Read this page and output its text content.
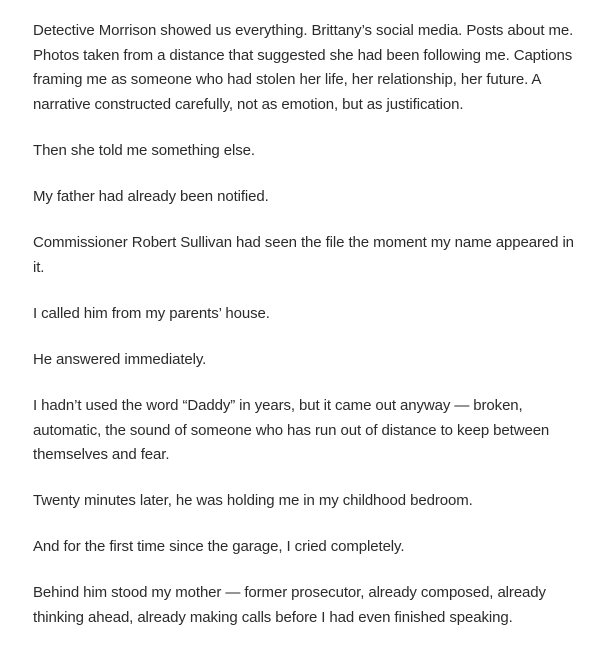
Detective Morrison showed us everything. Brittany’s social media. Posts about me. Photos taken from a distance that suggested she had been following me. Captions framing me as someone who had stolen her life, her relationship, her future. A narrative constructed carefully, not as emotion, but as justification.

Then she told me something else.

My father had already been notified.

Commissioner Robert Sullivan had seen the file the moment my name appeared in it.

I called him from my parents’ house.

He answered immediately.

I hadn’t used the word “Daddy” in years, but it came out anyway — broken, automatic, the sound of someone who has run out of distance to keep between themselves and fear.

Twenty minutes later, he was holding me in my childhood bedroom.

And for the first time since the garage, I cried completely.

Behind him stood my mother — former prosecutor, already composed, already thinking ahead, already making calls before I had even finished speaking.
